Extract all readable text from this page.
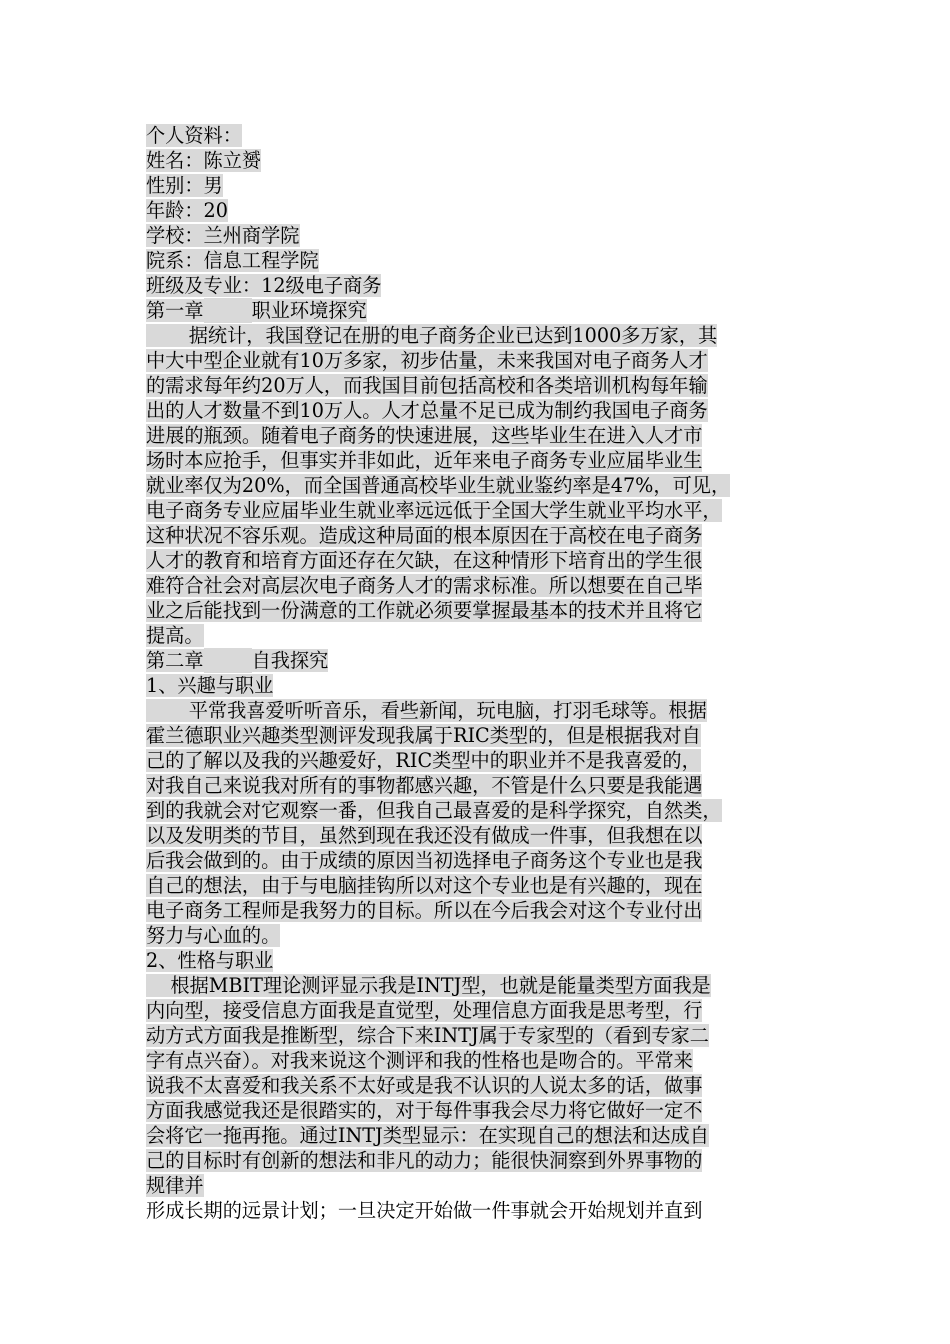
个人资料：
姓名：陈立赟
性别：男
年龄：20
学校：兰州商学院
院系：信息工程学院
班级及专业：12级电子商务
第一章	职业环境探究
据统计，我国登记在册的电子商务企业已达到1000多万家，其
中大中型企业就有10万多家，初步估量，未来我国对电子商务人才
的需求每年约20万人，而我国目前包括高校和各类培训机构每年输
出的人才数量不到10万人。人才总量不足已成为制约我国电子商务
进展的瓶颈。随着电子商务的快速进展，这些毕业生在进入人才市
场时本应抢手，但事实并非如此，近年来电子商务专业应届毕业生
就业率仅为20%，而全国普通高校毕业生就业鉴约率是47%，可见，
电子商务专业应届毕业生就业率远远低于全国大学生就业平均水平，
这种状况不容乐观。造成这种局面的根本原因在于高校在电子商务
人才的教育和培育方面还存在欠缺，在这种情形下培育出的学生很
难符合社会对高层次电子商务人才的需求标准。所以想要在自己毕
业之后能找到一份满意的工作就必须要掌握最基本的技术并且将它
提高。
第二章	自我探究
1、兴趣与职业
平常我喜爱听听音乐，看些新闻，玩电脑，打羽毛球等。根据
霍兰德职业兴趣类型测评发现我属于RIC类型的，但是根据我对自
己的了解以及我的兴趣爱好，RIC类型中的职业并不是我喜爱的，
对我自己来说我对所有的事物都感兴趣，不管是什么只要是我能遇
到的我就会对它观察一番，但我自己最喜爱的是科学探究，自然类，
以及发明类的节目，虽然到现在我还没有做成一件事，但我想在以
后我会做到的。由于成绩的原因当初选择电子商务这个专业也是我
自己的想法，由于与电脑挂钩所以对这个专业也是有兴趣的，现在
电子商务工程师是我努力的目标。所以在今后我会对这个专业付出
努力与心血的。
2、性格与职业
根据MBIT理论测评显示我是INTJ型，也就是能量类型方面我是
内向型，接受信息方面我是直觉型，处理信息方面我是思考型，行
动方式方面我是推断型，综合下来INTJ属于专家型的（看到专家二
字有点兴奋）。对我来说这个测评和我的性格也是吻合的。平常来
说我不太喜爱和我关系不太好或是我不认识的人说太多的话，做事
方面我感觉我还是很踏实的，对于每件事我会尽力将它做好一定不
会将它一拖再拖。通过INTJ类型显示：在实现自己的想法和达成自
己的目标时有创新的想法和非凡的动力；能很快洞察到外界事物的
规律并
形成长期的远景计划；一旦决定开始做一件事就会开始规划并直到
